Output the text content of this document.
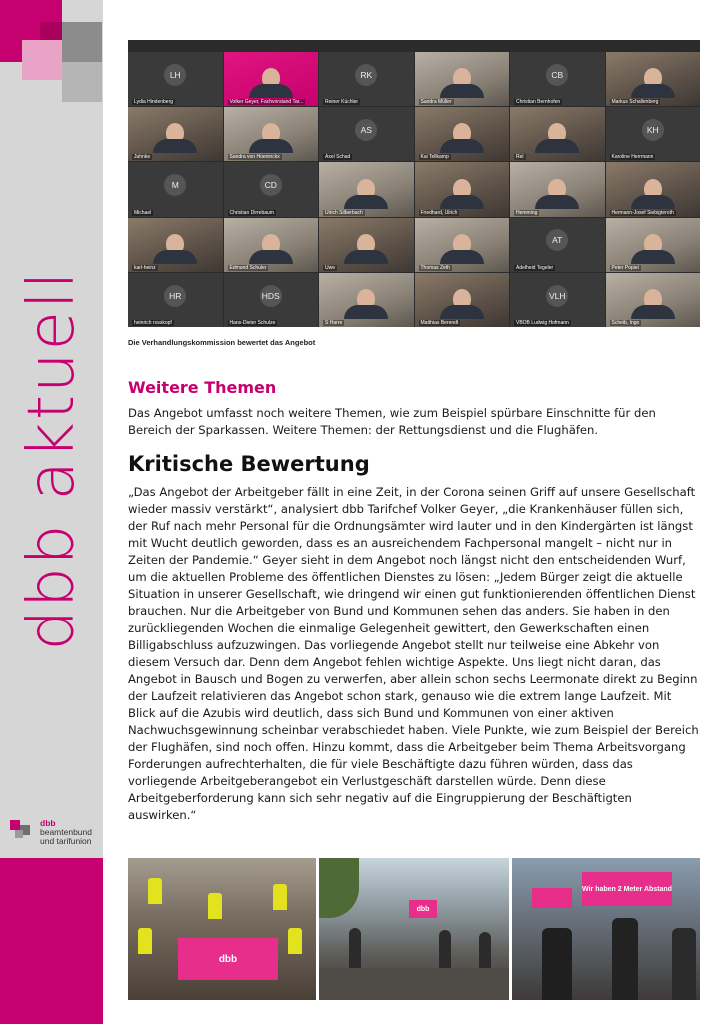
dbb aktuell
dbb
beamtenbund
und tarifunion
LH
Lydia Hindenberg	Volker Geyer, Fachvorstand Tar...
RK
Reiner Küchler	Sandra Müller
CB
Christian Bernhofen	Markus Schallenberg
Juhnke	Sandra von Hoeninckx
AS
Axel Schad	Kai Tellkamp	Rel
KH
Karoline Herrmann
M
Michael
CD
Christian Dirrebaum	Ulrich Silberbach	Friedhard, Ulrich	Hemming	Hermann-Josef Siebigteroth
karl-heinz	Edmund Schuler	Uwe	Thomas Zeth
AT
Adelheid Tegeler	Peter Popiel
HR
heinrich rosskopf
HDS
Hans-Dieter Schulze	S Harre	Matthias Berendt
VLH
VBOB Ludwig Hofmann	Scheib, Ingo
Die Verhandlungskommission bewertet das Angebot
Weitere Themen
Das Angebot umfasst noch weitere Themen, wie zum Beispiel spürbare Einschnitte für den Bereich der Sparkassen. Weitere Themen: der Rettungsdienst und die Flughäfen.
Kritische Bewertung
„Das Angebot der Arbeitgeber fällt in eine Zeit, in der Corona seinen Griff auf unsere Gesellschaft wieder massiv verstärkt“, analysiert dbb Tarifchef Volker Geyer, „die Krankenhäuser füllen sich, der Ruf nach mehr Personal für die Ordnungsämter wird lauter und in den Kindergärten ist längst mit Wucht deutlich geworden, dass es an ausreichendem Fachpersonal mangelt – nicht nur in Zeiten der Pandemie.“ Geyer sieht in dem Angebot noch längst nicht den entscheidenden Wurf, um die aktuellen Probleme des öffentlichen Dienstes zu lösen: „Jedem Bürger zeigt die aktuelle Situation in unserer Gesellschaft, wie dringend wir einen gut funktionierenden öffentlichen Dienst brauchen. Nur die Arbeitgeber von Bund und Kommunen sehen das anders. Sie haben in den zurückliegenden Wochen die einmalige Gelegenheit gewittert, den Gewerkschaften einen Billigabschluss aufzuzwingen. Das vorliegende Angebot stellt nur teilweise eine Abkehr von diesem Versuch dar. Denn dem Angebot fehlen wichtige Aspekte. Uns liegt nicht daran, das Angebot in Bausch und Bogen zu verwerfen, aber allein schon sechs Leermonate direkt zu Beginn der Laufzeit relativieren das Angebot schon stark, genauso wie die extrem lange Laufzeit. Mit Blick auf die Azubis wird deutlich, dass sich Bund und Kommunen von einer aktiven Nachwuchsgewinnung scheinbar verabschiedet haben. Viele Punkte, wie zum Beispiel der Bereich der Flughäfen, sind noch offen. Hinzu kommt, dass die Arbeitgeber beim Thema Arbeitsvorgang Forderungen aufrechterhalten, die für viele Beschäftigte dazu führen würden, dass das vorliegende Arbeitgeberangebot ein Verlustgeschäft darstellen würde. Denn diese Arbeitgeberforderung kann sich sehr negativ auf die Eingruppierung der Beschäftigten auswirken.“
dbb
dbb
Wir haben 2 Meter Abstand
